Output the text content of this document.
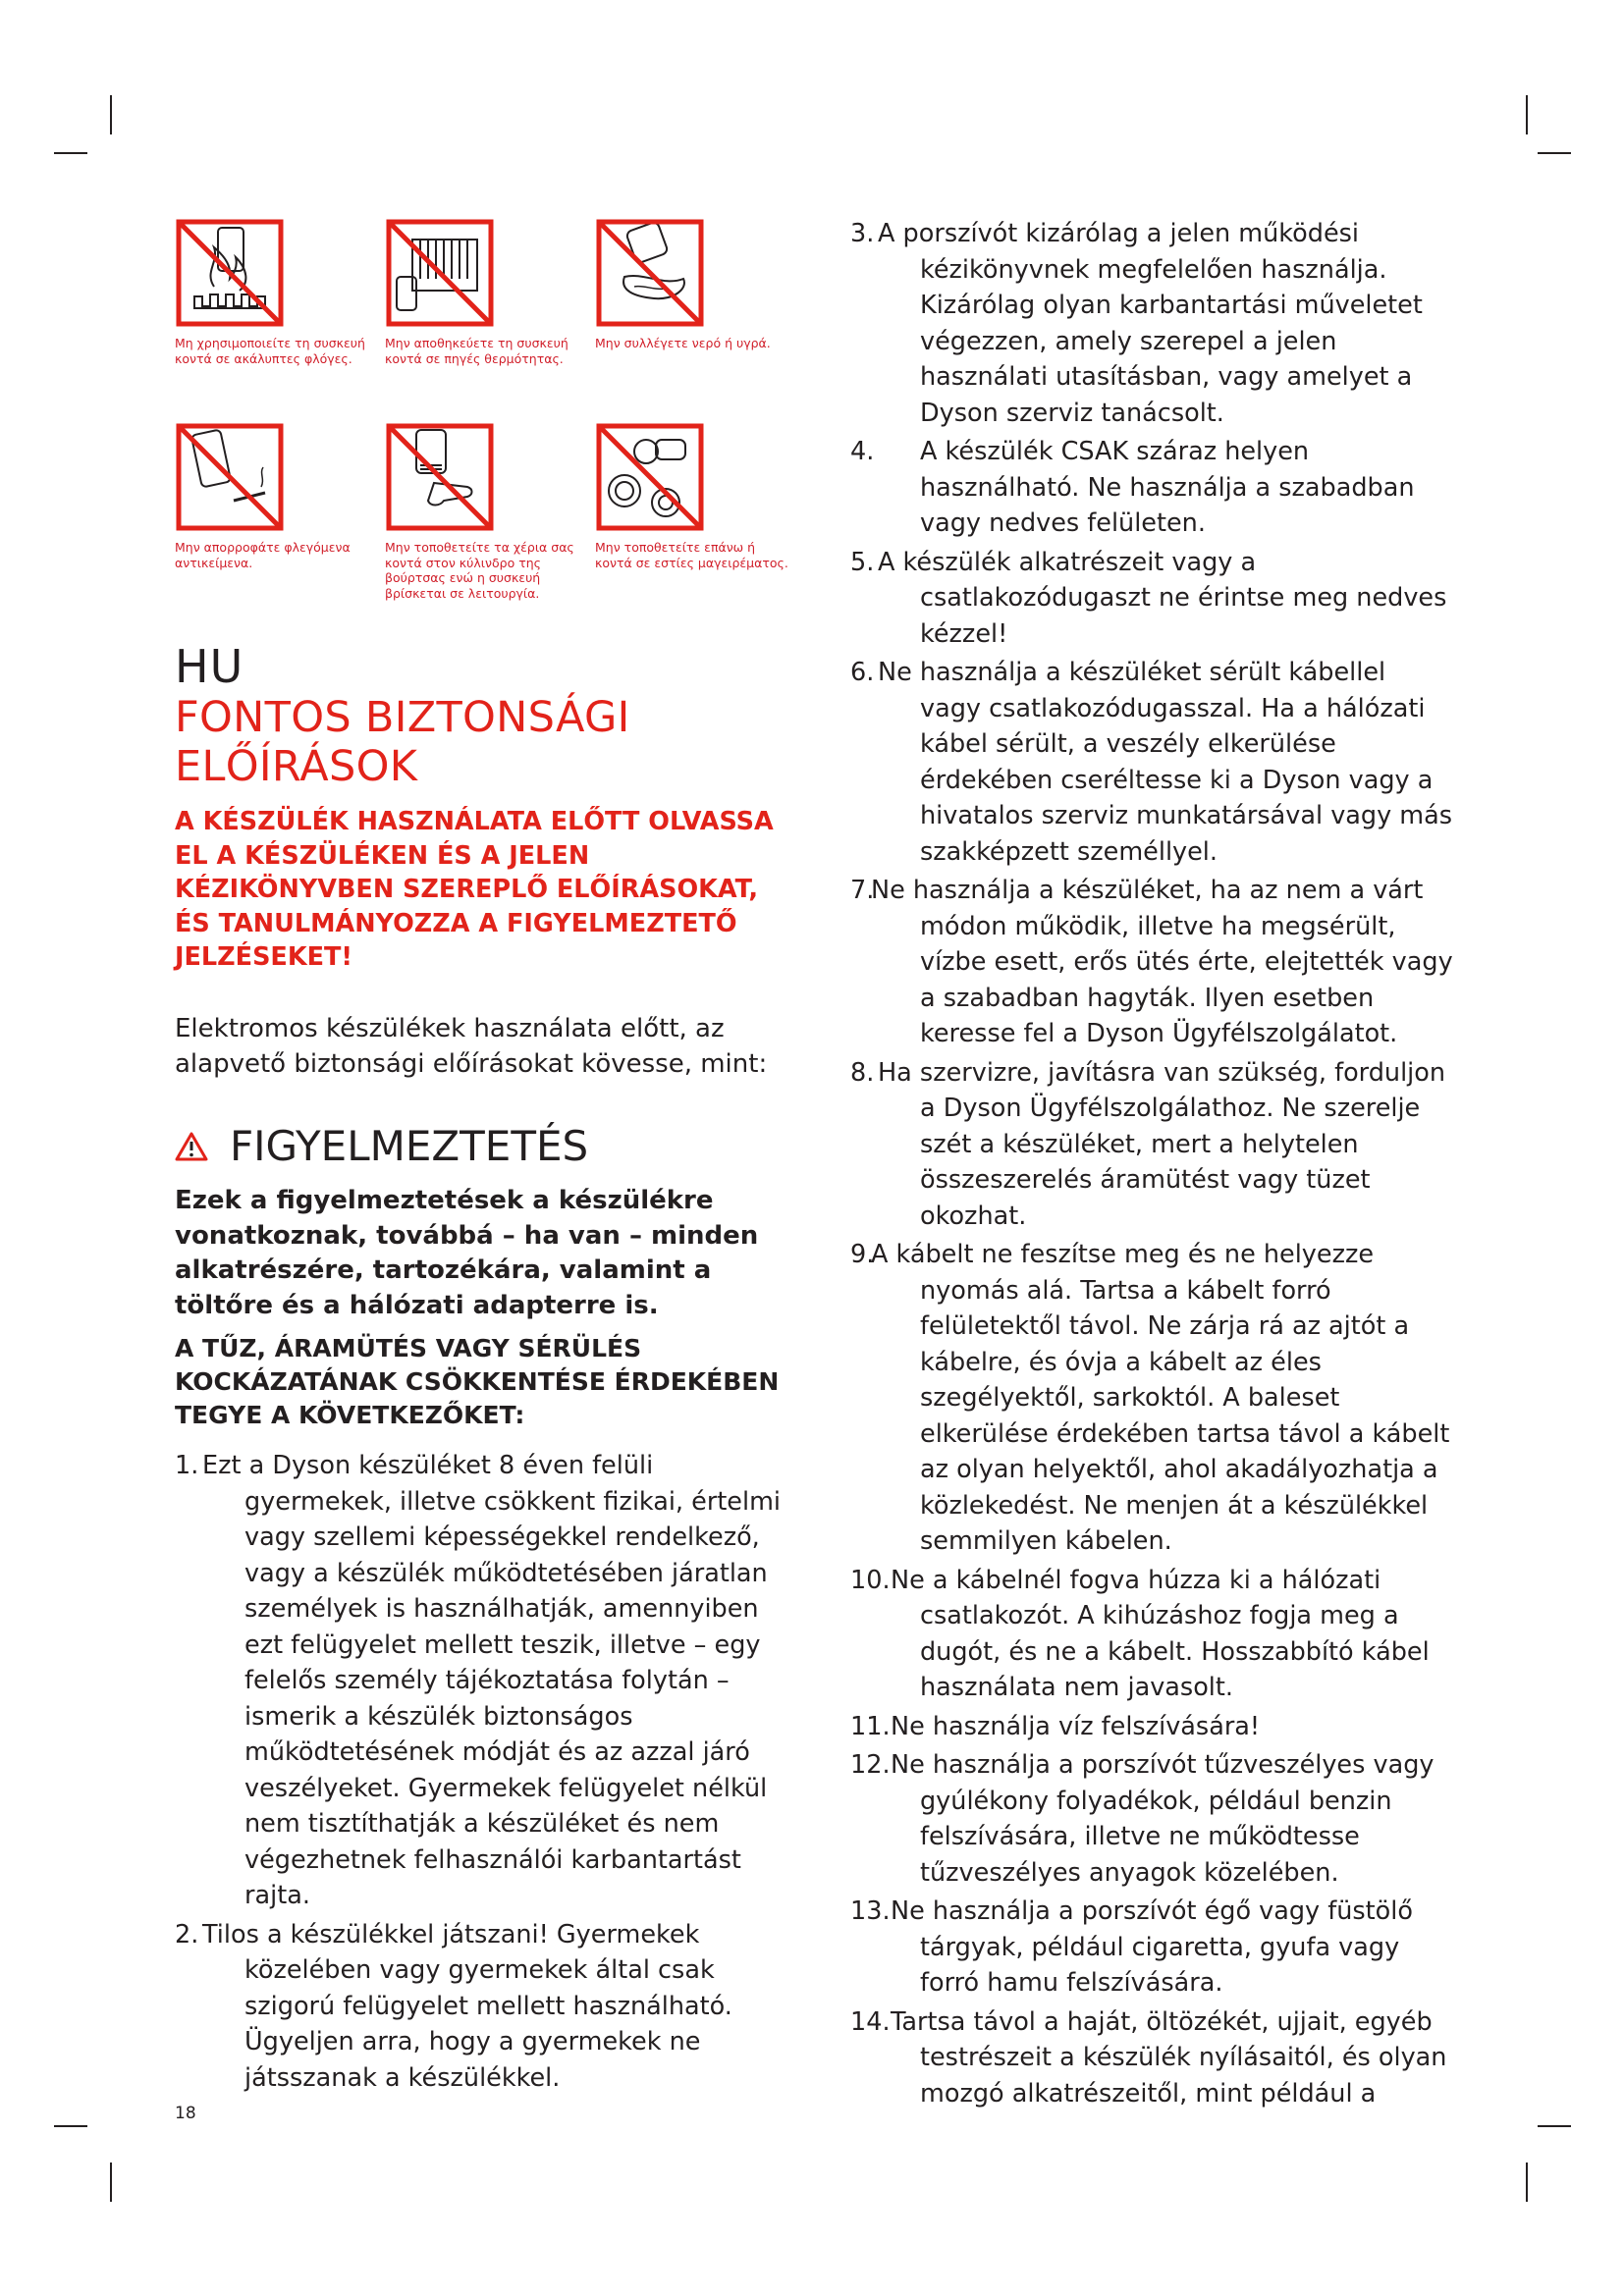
Μη χρησιμοποιείτε τη συσκευή κοντά σε ακάλυπτες φλόγες.
Μην αποθηκεύετε τη συσκευή κοντά σε πηγές θερμότητας.
Μην συλλέγετε νερό ή υγρά.
Μην απορροφάτε φλεγόμενα αντικείμενα.
Μην τοποθετείτε τα χέρια σας κοντά στον κύλινδρο της βούρτσας ενώ η συσκευή βρίσκεται σε λειτουργία.
Μην τοποθετείτε επάνω ή κοντά σε εστίες μαγειρέματος.
HU
FONTOS BIZTONSÁGI ELŐÍRÁSOK
A KÉSZÜLÉK HASZNÁLATA ELŐTT OLVASSA EL A KÉSZÜLÉKEN ÉS A JELEN KÉZIKÖNYVBEN SZEREPLŐ ELŐÍRÁSOKAT, ÉS TANULMÁNYOZZA A FIGYELMEZTETŐ JELZÉSEKET!
Elektromos készülékek használata előtt, az alapvető biztonsági előírásokat kövesse, mint:
FIGYELMEZTETÉS
Ezek a figyelmeztetések a készülékre vonatkoznak, továbbá – ha van – minden alkatrészére, tartozékára, valamint a töltőre és a hálózati adapterre is.
A TŰZ, ÁRAMÜTÉS VAGY SÉRÜLÉS KOCKÁZATÁNAK CSÖKKENTÉSE ÉRDEKÉBEN TEGYE A KÖVETKEZŐKET:
1. Ezt a Dyson készüléket 8 éven felüli gyermekek, illetve csökkent fizikai, értelmi vagy szellemi képességekkel rendelkező, vagy a készülék működtetésében járatlan személyek is használhatják, amennyiben ezt felügyelet mellett teszik, illetve – egy felelős személy tájékoztatása folytán – ismerik a készülék biztonságos működtetésének módját és az azzal járó veszélyeket. Gyermekek felügyelet nélkül nem tisztíthatják a készüléket és nem végezhetnek felhasználói karbantartást rajta.
2. Tilos a készülékkel játszani! Gyermekek közelében vagy gyermekek által csak szigorú felügyelet mellett használható. Ügyeljen arra, hogy a gyermekek ne játsszanak a készülékkel.
3. A porszívót kizárólag a jelen működési kézikönyvnek megfelelően használja. Kizárólag olyan karbantartási műveletet végezzen, amely szerepel a jelen használati utasításban, vagy amelyet a Dyson szerviz tanácsolt.
4. A készülék CSAK száraz helyen használható. Ne használja a szabadban vagy nedves felületen.
5. A készülék alkatrészeit vagy a csatlakozódugaszt ne érintse meg nedves kézzel!
6. Ne használja a készüléket sérült kábellel vagy csatlakozódugasszal. Ha a hálózati kábel sérült, a veszély elkerülése érdekében cseréltesse ki a Dyson vagy a hivatalos szerviz munkatársával vagy más szakképzett személlyel.
7.
Ne használja a készüléket, ha az nem a várt módon működik, illetve ha megsérült, vízbe esett, erős ütés érte, elejtették vagy a szabadban hagyták. Ilyen esetben keresse fel a Dyson Ügyfélszolgálatot.
8. Ha szervizre, javításra van szükség, forduljon a Dyson Ügyfélszolgálathoz. Ne szerelje szét a készüléket, mert a helytelen összeszerelés áramütést vagy tüzet okozhat.
9.
A kábelt ne feszítse meg és ne helyezze nyomás alá. Tartsa a kábelt forró felületektől távol. Ne zárja rá az ajtót a kábelre, és óvja a kábelt az éles szegélyektől, sarkoktól. A baleset elkerülése érdekében tartsa távol a kábelt az olyan helyektől, ahol akadályozhatja a közlekedést. Ne menjen át a készülékkel semmilyen kábelen.
10. Ne a kábelnél fogva húzza ki a hálózati csatlakozót. A kihúzáshoz fogja meg a dugót, és ne a kábelt. Hosszabbító kábel használata nem javasolt.
11. Ne használja víz felszívására!
12. Ne használja a porszívót tűzveszélyes vagy gyúlékony folyadékok, például benzin felszívására, illetve ne működtesse tűzveszélyes anyagok közelében.
13. Ne használja a porszívót égő vagy füstölő tárgyak, például cigaretta, gyufa vagy forró hamu felszívására.
14. Tartsa távol a haját, öltözékét, ujjait, egyéb testrészeit a készülék nyílásaitól, és olyan mozgó alkatrészeitől, mint például a
18
